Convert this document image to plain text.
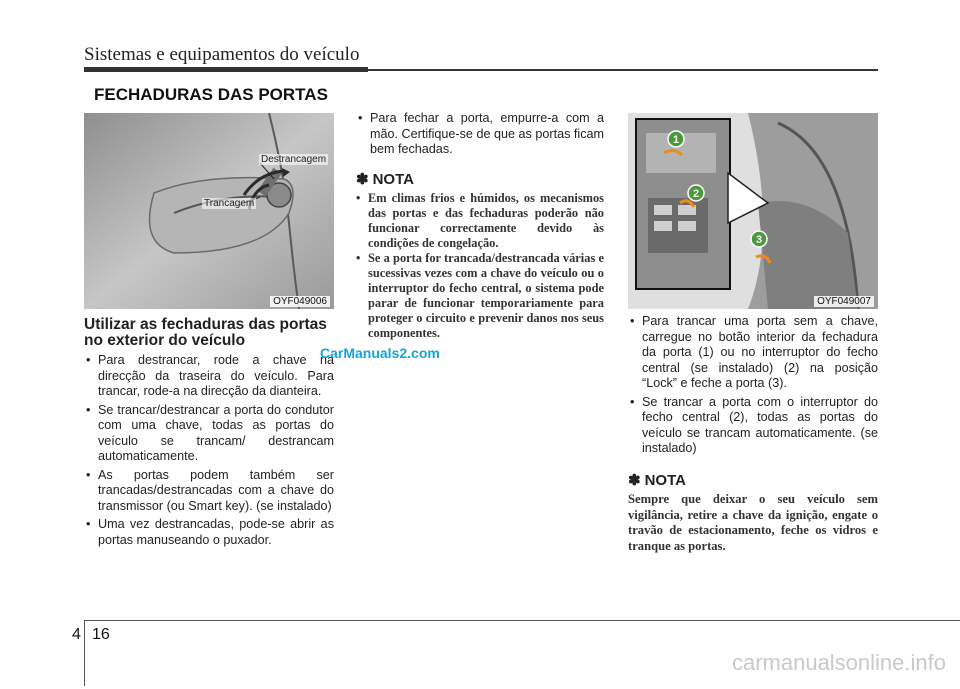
Sistemas e equipamentos do veículo
FECHADURAS DAS PORTAS
Destrancagem
Trancagem
OYF049006
1
2
3
OYF049007
Utilizar as fechaduras das portas no exterior do veículo
• Para destrancar, rode a chave na direcção da traseira do veículo. Para trancar, rode-a na direcção da dianteira.
• Se trancar/destrancar a porta do condutor com uma chave, todas as portas do veículo se trancam/ destrancam automaticamente.
• As portas podem também ser trancadas/destrancadas com a chave do transmissor (ou Smart key). (se instalado)
• Uma vez destrancadas, pode-se abrir as portas manuseando o puxador.
• Para fechar a porta, empurre-a com a mão. Certifique-se de que as portas ficam bem fechadas.
✽ NOTA
• Em climas frios e húmidos, os mecanismos das portas e das fechaduras poderão não funcionar correctamente devido às condições de congelação.
• Se a porta for trancada/destrancada várias e sucessivas vezes com a chave do veículo ou o interruptor do fecho central, o sistema pode parar de funcionar temporariamente para proteger o circuito e prevenir danos nos seus componentes.
CarManuals2.com
• Para trancar uma porta sem a chave, carregue no botão interior da fechadura da porta (1) ou no interruptor do fecho central (se instalado) (2) na posição “Lock” e feche a porta (3).
• Se trancar a porta com o interruptor do fecho central (2), todas as portas do veículo se trancam automaticamente. (se instalado)
✽ NOTA

Sempre que deixar o seu veículo sem vigilância, retire a chave da ignição, engate o travão de estacionamento, feche os vidros e tranque as portas.

4 16
carmanualsonline.info
